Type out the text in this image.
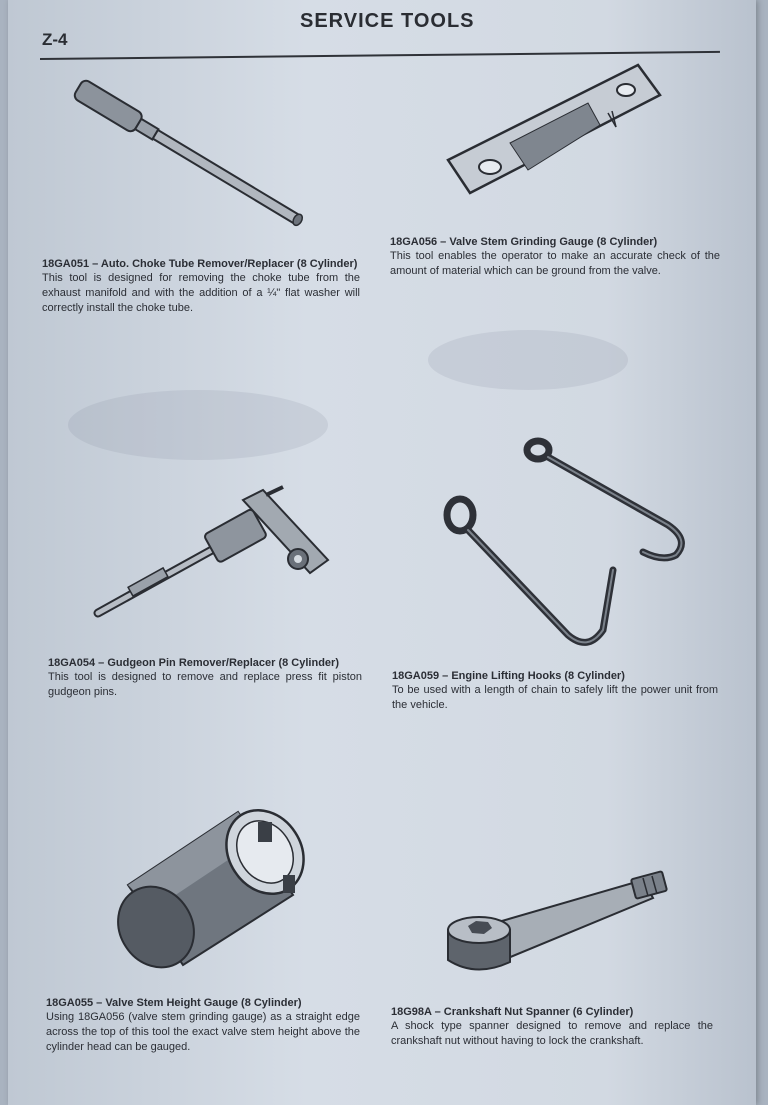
Z-4
SERVICE TOOLS
18GA051 – Auto. Choke Tube Remover/Replacer (8 Cylinder)
This tool is designed for removing the choke tube from the exhaust manifold and with the addition of a ¼" flat washer will correctly install the choke tube.
18GA056 – Valve Stem Grinding Gauge (8 Cylinder)
This tool enables the operator to make an accurate check of the amount of material which can be ground from the valve.
18GA054 – Gudgeon Pin Remover/Replacer (8 Cylinder)
This tool is designed to remove and replace press fit piston gudgeon pins.
18GA059 – Engine Lifting Hooks (8 Cylinder)
To be used with a length of chain to safely lift the power unit from the vehicle.
18GA055 – Valve Stem Height Gauge (8 Cylinder)
Using 18GA056 (valve stem grinding gauge) as a straight edge across the top of this tool the exact valve stem height above the cylinder head can be gauged.
18G98A – Crankshaft Nut Spanner (6 Cylinder)
A shock type spanner designed to remove and replace the crankshaft nut without having to lock the crankshaft.
